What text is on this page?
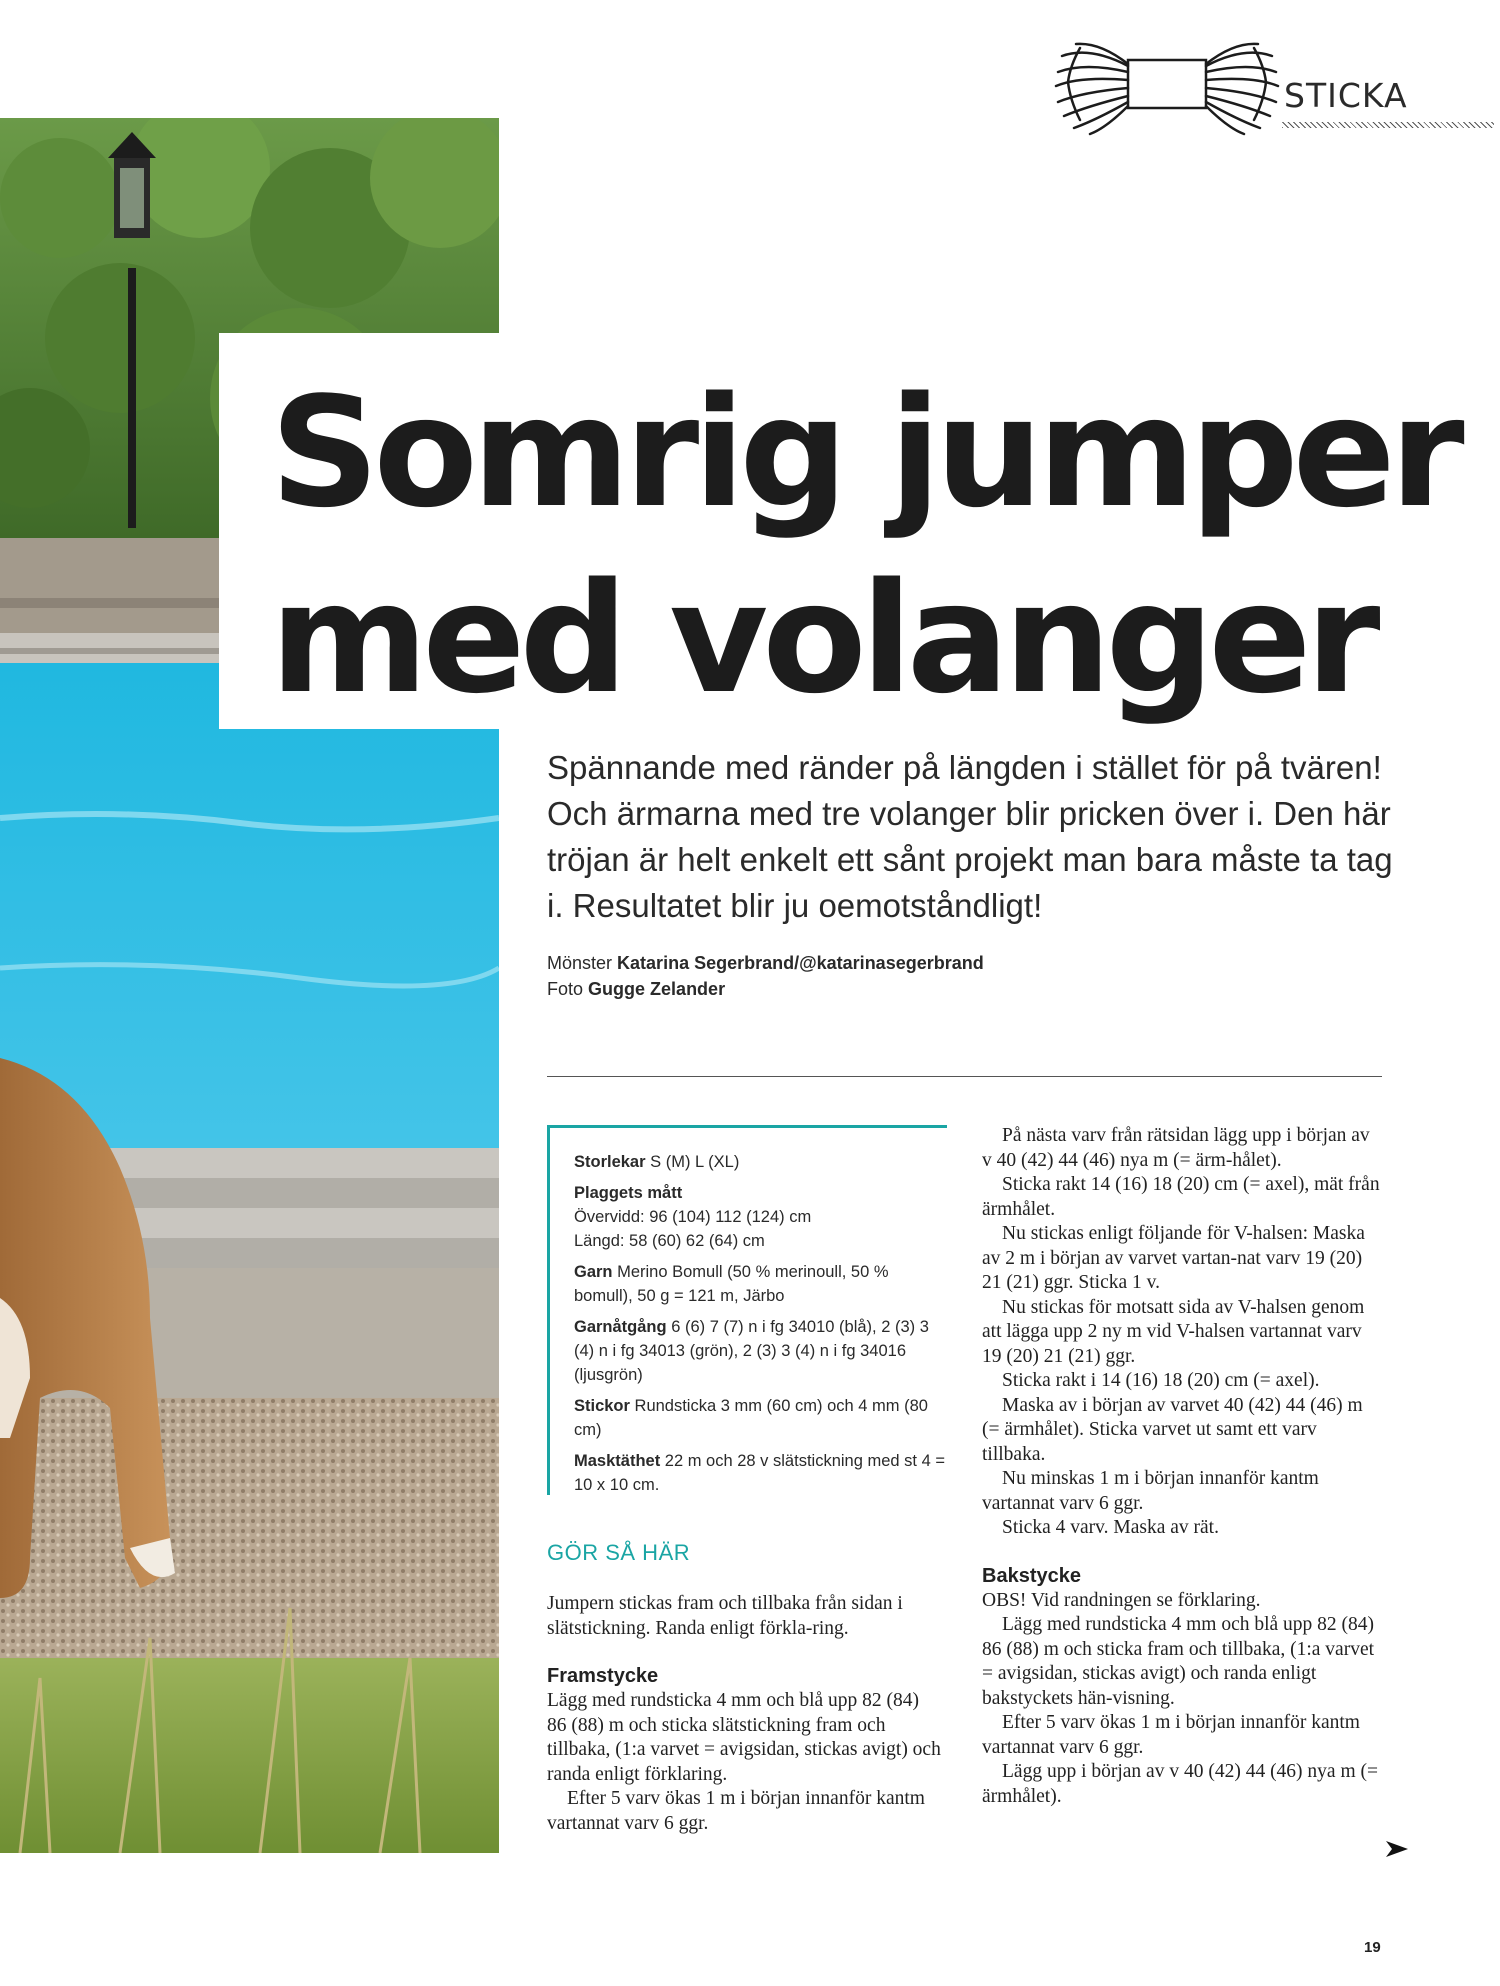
Somrig jumper
med volanger
STICKA

Spännande med ränder på längden i stället för på tvären! Och ärmarna med tre volanger blir pricken över i. Den här tröjan är helt enkelt ett sånt projekt man bara måste ta tag i. Resultatet blir ju oemotståndligt!

Mönster Katarina Segerbrand/@katarinasegerbrand
Foto Gugge Zelander

Storlekar S (M) L (XL)

Plaggets mått
Övervidd: 96 (104) 112 (124) cm
Längd: 58 (60) 62 (64) cm

Garn Merino Bomull (50 % merinoull, 50 % bomull), 50 g = 121 m, Järbo

Garnåtgång 6 (6) 7 (7) n i fg 34010 (blå), 2 (3) 3 (4) n i fg 34013 (grön), 2 (3) 3 (4) n i fg 34016 (ljusgrön)

Stickor Rundsticka 3 mm (60 cm) och 4 mm (80 cm)

Masktäthet 22 m och 28 v slätstickning med st 4 = 10 x 10 cm.

GÖR SÅ HÄR

Jumpern stickas fram och tillbaka från sidan i slätstickning. Randa enligt förkla-ring.

Framstycke

Lägg med rundsticka 4 mm och blå upp 82 (84) 86 (88) m och sticka slätstickning fram och tillbaka, (1:a varvet = avigsidan, stickas avigt) och randa enligt förklaring.

Efter 5 varv ökas 1 m i början innanför kantm vartannat varv 6 ggr.

På nästa varv från rätsidan lägg upp i början av v 40 (42) 44 (46) nya m (= ärm-hålet).

Sticka rakt 14 (16) 18 (20) cm (= axel), mät från ärmhålet.

Nu stickas enligt följande för V-halsen: Maska av 2 m i början av varvet vartan-nat varv 19 (20) 21 (21) ggr. Sticka 1 v.

Nu stickas för motsatt sida av V-halsen genom att lägga upp 2 ny m vid V-halsen vartannat varv 19 (20) 21 (21) ggr.

Sticka rakt i 14 (16) 18 (20) cm (= axel).

Maska av i början av varvet 40 (42) 44 (46) m (= ärmhålet). Sticka varvet ut samt ett varv tillbaka.

Nu minskas 1 m i början innanför kantm vartannat varv 6 ggr.

Sticka 4 varv. Maska av rät.

Bakstycke

OBS! Vid randningen se förklaring.

Lägg med rundsticka 4 mm och blå upp 82 (84) 86 (88) m och sticka fram och tillbaka, (1:a varvet = avigsidan, stickas avigt) och randa enligt bakstyckets hän-visning.

Efter 5 varv ökas 1 m i början innanför kantm vartannat varv 6 ggr.

Lägg upp i början av v 40 (42) 44 (46) nya m (= ärmhålet).

19
